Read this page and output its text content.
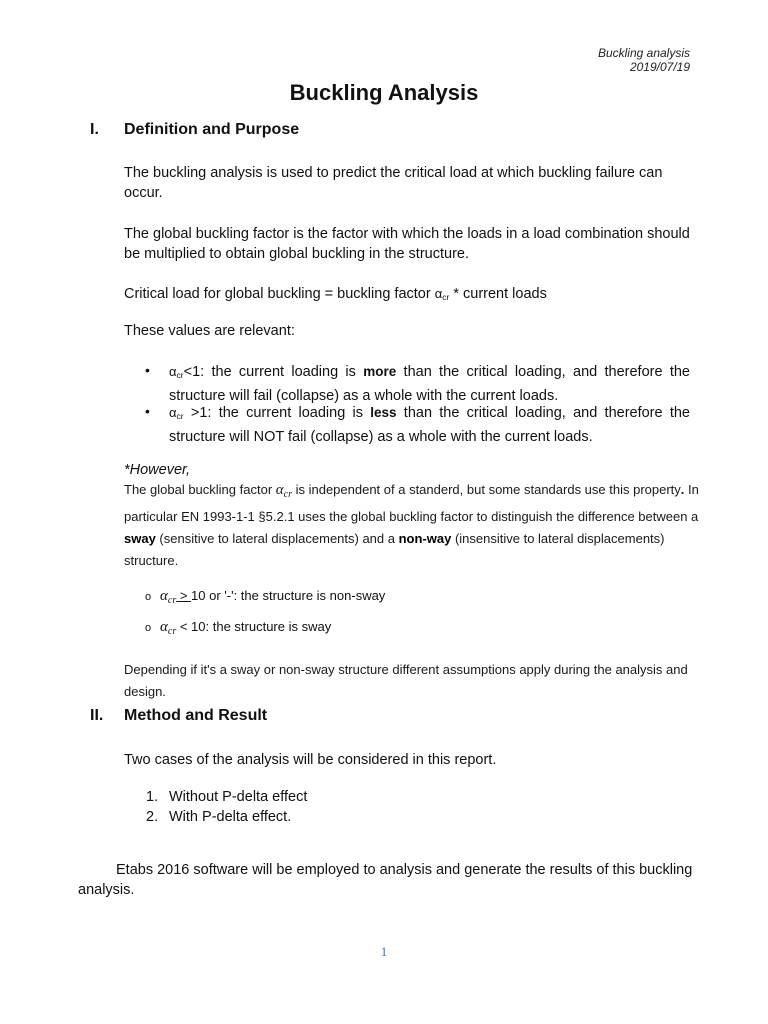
Buckling analysis
2019/07/19
Buckling Analysis
I. Definition and Purpose

The buckling analysis is used to predict the critical load at which buckling failure can occur.

The global buckling factor is the factor with which the loads in a load combination should be multiplied to obtain global buckling in the structure.

Critical load for global buckling = buckling factor $\alpha_{cr}$ * current loads

These values are relevant:

• $\alpha_{cr}<1$: the current loading is more than the critical loading, and therefore the structure will fail (collapse) as a whole with the current loads.

• $\alpha_{cr} >1$: the current loading is less than the critical loading, and therefore the structure will NOT fail (collapse) as a whole with the current loads.

*However,

The global buckling factor $\alpha_{cr}$ is independent of a standerd, but some standards use this property. In particular EN 1993-1-1 §5.2.1 uses the global buckling factor to distinguish the difference between a sway (sensitive to lateral displacements) and a non-way (insensitive to lateral displacements) structure.

o $\alpha_{cr} > 10$ or '-': the structure is non-sway
o $\alpha_{cr} < 10$: the structure is sway

Depending if it's a sway or non-sway structure different assumptions apply during the analysis and design.

II. Method and Result

Two cases of the analysis will be considered in this report.

1. Without P-delta effect
2. With P-delta effect.

Etabs 2016 software will be employed to analysis and generate the results of this buckling analysis.

1
